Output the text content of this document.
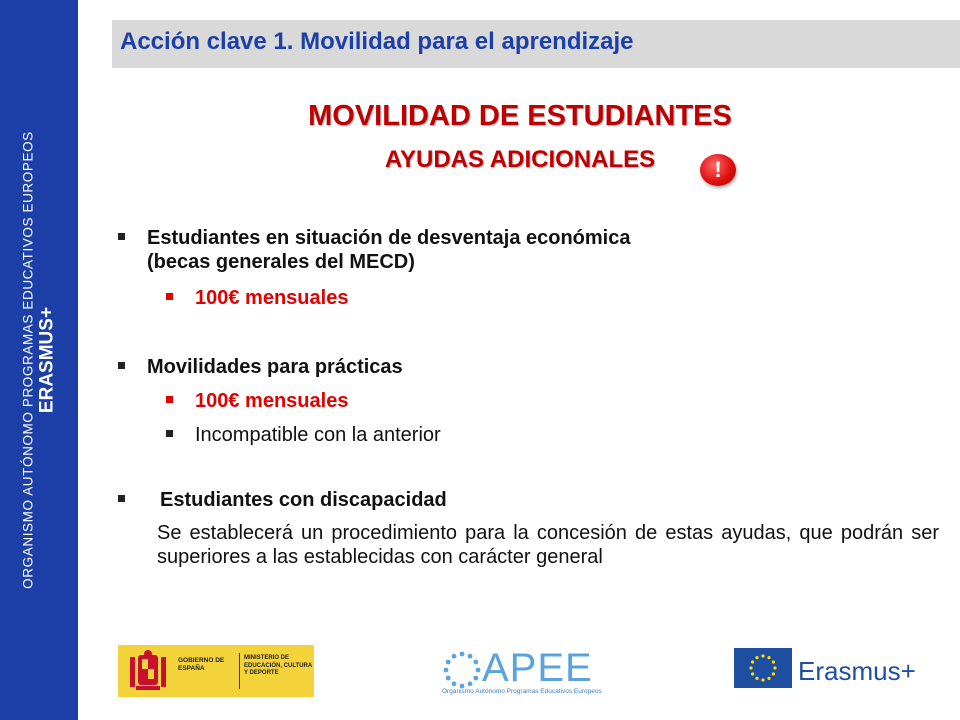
ORGANISMO AUTÓNOMO PROGRAMAS EDUCATIVOS EUROPEOS ERASMUS+
Acción clave 1. Movilidad para el aprendizaje
MOVILIDAD DE ESTUDIANTES
AYUDAS ADICIONALES	!
Estudiantes en situación de desventaja económica
(becas generales del MECD)
100€ mensuales
Movilidades para prácticas
100€ mensuales
Incompatible con la anterior
Estudiantes con discapacidad
Se establecerá un procedimiento para la concesión de estas ayudas, que podrán ser superiores a las establecidas con carácter general
GOBIERNO DE ESPAÑA
MINISTERIO DE EDUCACIÓN, CULTURA Y DEPORTE	APEE
Organismo Autónomo Programas Educativos Europeos
Erasmus+
